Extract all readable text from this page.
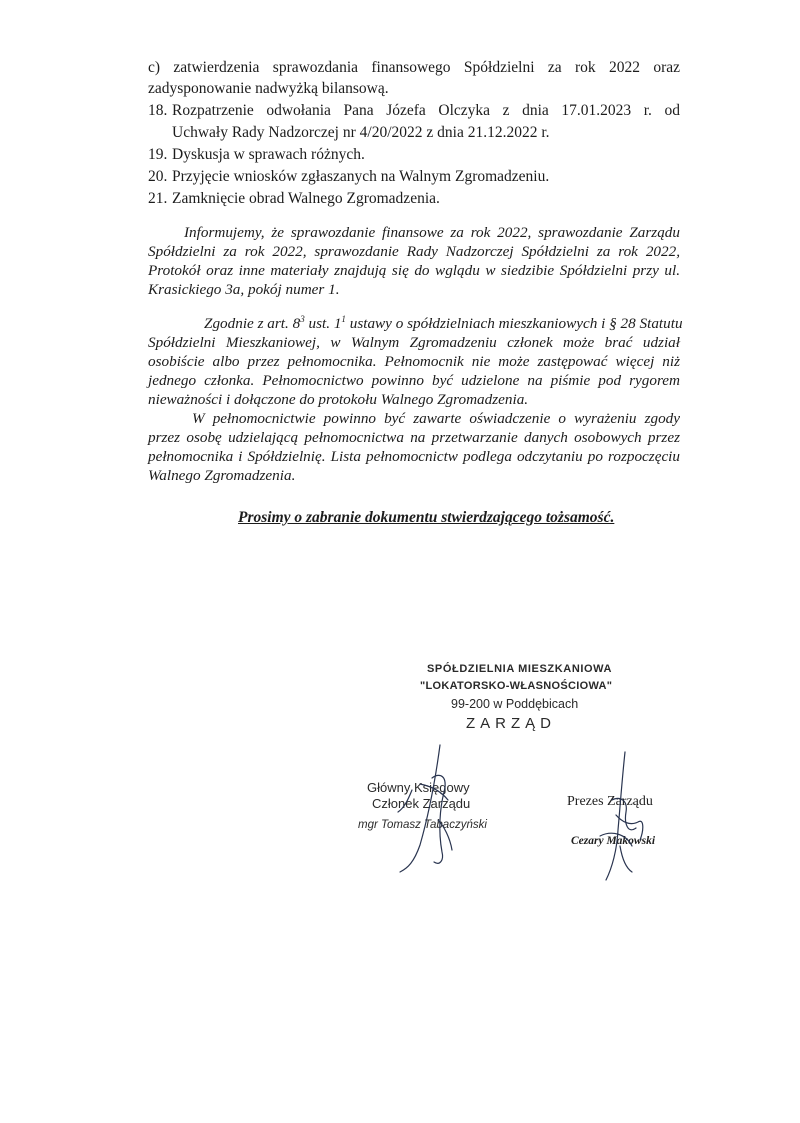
c) zatwierdzenia sprawozdania finansowego Spółdzielni za rok 2022 oraz
zadysponowanie nadwyżką bilansową.
18. Rozpatrzenie odwołania Pana Józefa Olczyka z dnia 17.01.2023 r. od
Uchwały Rady Nadzorczej nr 4/20/2022 z dnia 21.12.2022 r.
19. Dyskusja w sprawach różnych.
20. Przyjęcie wniosków zgłaszanych na Walnym Zgromadzeniu.
21. Zamknięcie obrad Walnego Zgromadzenia.
Informujemy, że sprawozdanie finansowe za rok 2022, sprawozdanie Zarządu
Spółdzielni za rok 2022, sprawozdanie Rady Nadzorczej Spółdzielni za rok 2022,
Protokół oraz inne materiały znajdują się do wglądu w siedzibie Spółdzielni przy ul.
Krasickiego 3a, pokój numer 1.
Zgodnie z art. $8^3$ ust. $1^1$ ustawy o spółdzielniach mieszkaniowych i § 28 Statutu
Spółdzielni Mieszkaniowej, w Walnym Zgromadzeniu członek może brać udział
osobiście albo przez pełnomocnika. Pełnomocnik nie może zastępować więcej niż
jednego członka. Pełnomocnictwo powinno być udzielone na piśmie pod rygorem
nieważności i dołączone do protokołu Walnego Zgromadzenia.
W pełnomocnictwie powinno być zawarte oświadczenie o wyrażeniu zgody
przez osobę udzielającą pełnomocnictwa na przetwarzanie danych osobowych przez
pełnomocnika i Spółdzielnię. Lista pełnomocnictw podlega odczytaniu po rozpoczęciu
Walnego Zgromadzenia.
Prosimy o zabranie dokumentu stwierdzającego tożsamość.
SPÓŁDZIELNIA MIESZKANIOWA
"LOKATORSKO-WŁASNOŚCIOWA"
99-200 w Poddębicach
ZARZĄD
Główny Księgowy
Członek Zarządu
mgr Tomasz Tabaczyński
Prezes Zarządu
Cezary Makowski
